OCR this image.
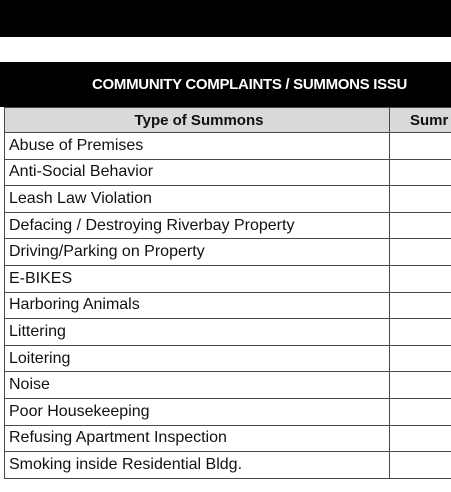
COMMUNITY COMPLAINTS / SUMMONS ISSU
Type of Summons	Sumr
Abuse of Premises	
Anti-Social Behavior	
Leash Law Violation	
Defacing / Destroying Riverbay Property	
Driving/Parking on Property	
E-BIKES	
Harboring Animals	
Littering	
Loitering	
Noise	
Poor Housekeeping	
Refusing Apartment Inspection	
Smoking inside Residential Bldg.	
